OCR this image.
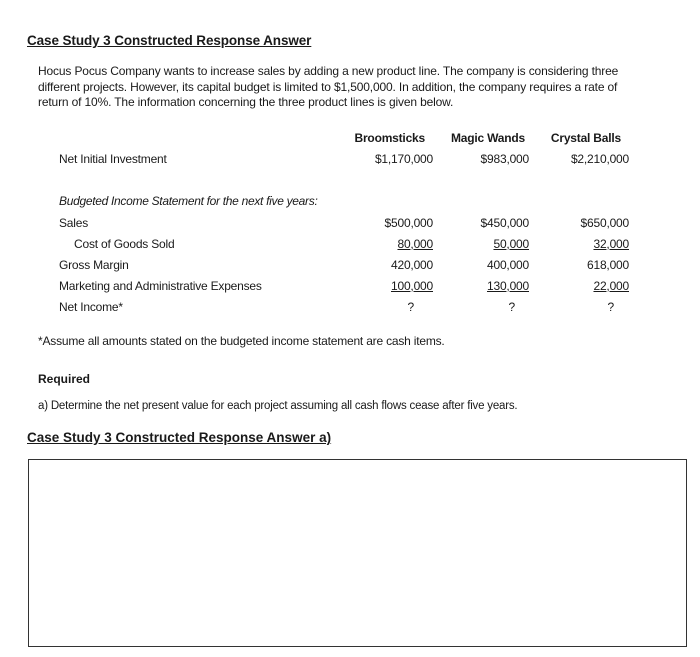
Case Study 3 Constructed Response Answer
Hocus Pocus Company wants to increase sales by adding a new product line. The company is considering three different projects. However, its capital budget is limited to $1,500,000. In addition, the company requires a rate of return of 10%. The information concerning the three product lines is given below.
Broomsticks	Magic Wands	Crystal Balls
Net Initial Investment	$1,170,000	$983,000	$2,210,000
Budgeted Income Statement for the next five years:
Sales	$500,000	$450,000	$650,000
Cost of Goods Sold	80,000	50,000	32,000
Gross Margin	420,000	400,000	618,000
Marketing and Administrative Expenses	100,000	130,000	22,000
Net Income*	?	?	?
*Assume all amounts stated on the budgeted income statement are cash items.
Required
a) Determine the net present value for each project assuming all cash flows cease after five years.
Case Study 3 Constructed Response Answer a)
